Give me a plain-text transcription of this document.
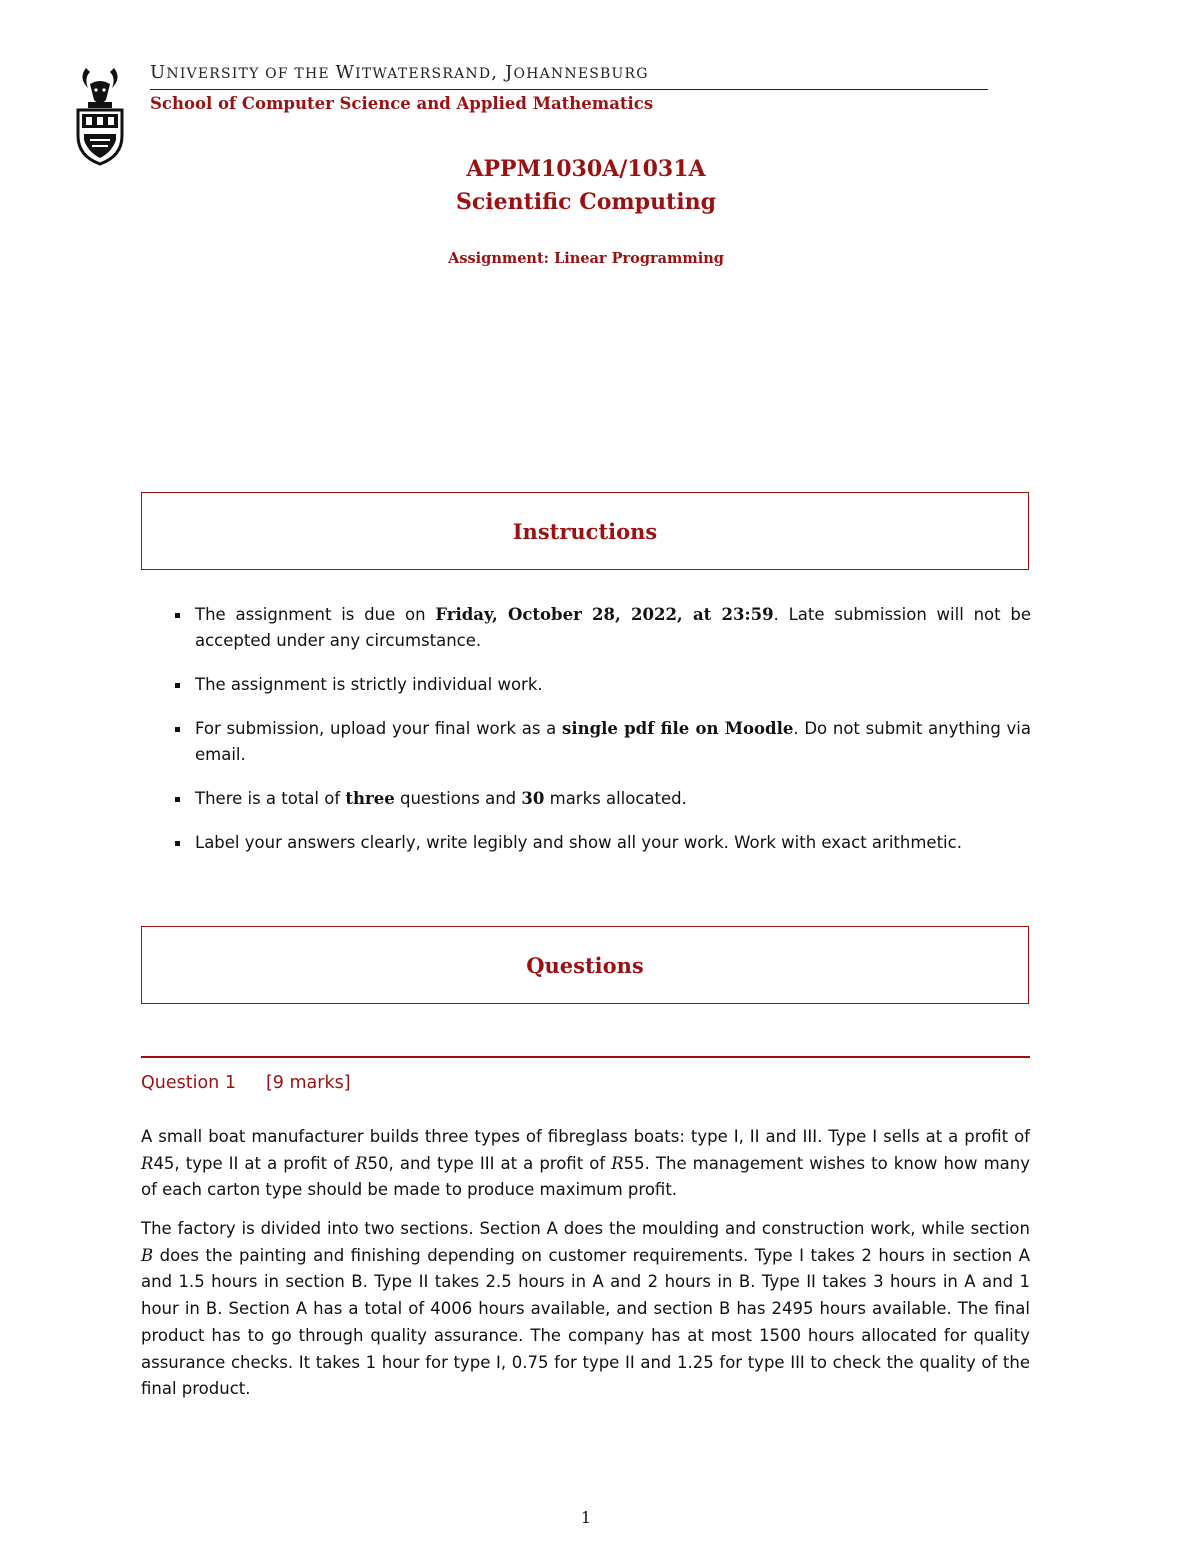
UNIVERSITY OF THE WITWATERSRAND, JOHANNESBURG
School of Computer Science and Applied Mathematics
APPM1030A/1031A
Scientific Computing
Assignment: Linear Programming
Instructions
The assignment is due on Friday, October 28, 2022, at 23:59. Late submission will not be accepted under any circumstance.
The assignment is strictly individual work.
For submission, upload your final work as a single pdf file on Moodle. Do not submit anything via email.
There is a total of three questions and 30 marks allocated.
Label your answers clearly, write legibly and show all your work. Work with exact arithmetic.
Questions
Question 1 [9 marks]

A small boat manufacturer builds three types of fibreglass boats: type I, II and III. Type I sells at a profit of R45, type II at a profit of R50, and type III at a profit of R55. The management wishes to know how many of each carton type should be made to produce maximum profit.

The factory is divided into two sections. Section A does the moulding and construction work, while section B does the painting and finishing depending on customer requirements. Type I takes 2 hours in section A and 1.5 hours in section B. Type II takes 2.5 hours in A and 2 hours in B. Type II takes 3 hours in A and 1 hour in B. Section A has a total of 4006 hours available, and section B has 2495 hours available. The final product has to go through quality assurance. The company has at most 1500 hours allocated for quality assurance checks. It takes 1 hour for type I, 0.75 for type II and 1.25 for type III to check the quality of the final product.

1
